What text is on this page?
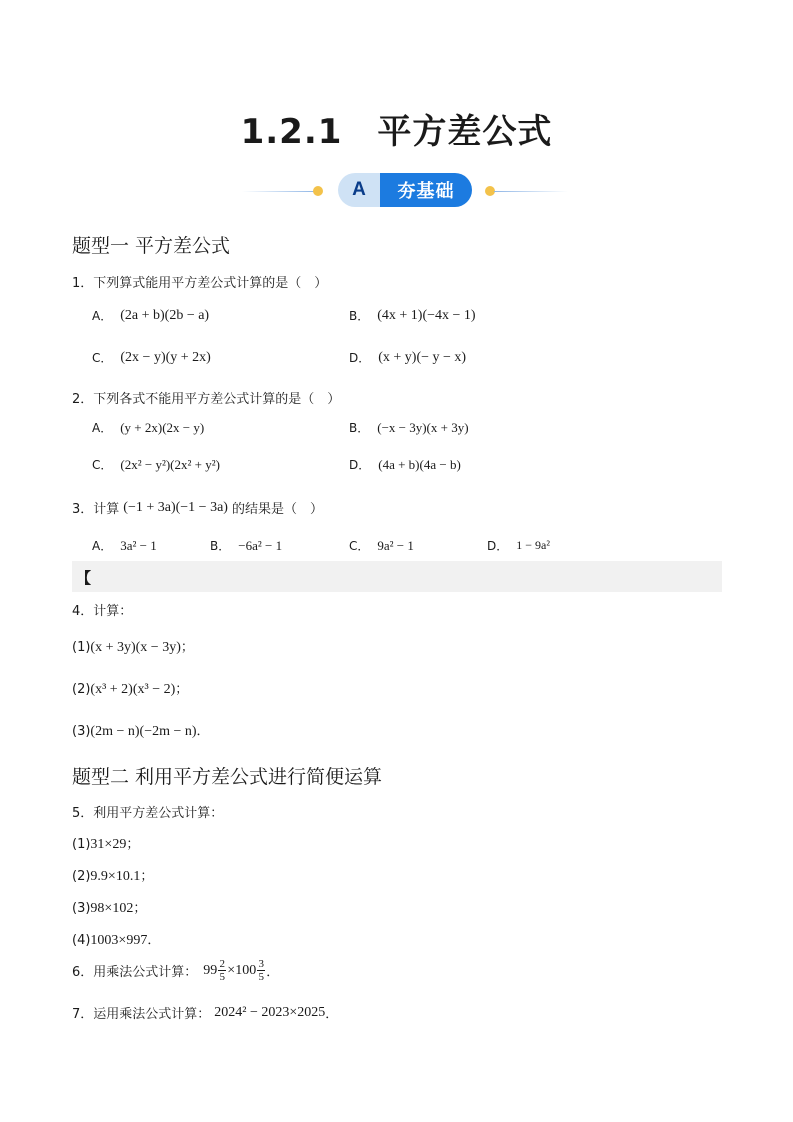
1.2.1　平方差公式
A	夯基础
题型一 平方差公式
1．下列算式能用平方差公式计算的是（　）
A． (2a + b)(2b − a)	B． (4x + 1)(−4x − 1)
C． (2x − y)(y + 2x)	D． (x + y)(− y − x)
2．下列各式不能用平方差公式计算的是（　）
A． (y + 2x)(2x − y)	B． (−x − 3y)(x + 3y)
C． (2x² − y²)(2x² + y²)	D． (4a + b)(4a − b)
3．计算 (−1 + 3a)(−1 − 3a) 的结果是（　）
A． 3a² − 1	B． −6a² − 1	C． 9a² − 1	D． 1 − 9a²
【
4．计算：
(1)(x + 3y)(x − 3y)；
(2)(x³ + 2)(x³ − 2)；
(3)(2m − n)(−2m − n)．
题型二 利用平方差公式进行简便运算
5．利用平方差公式计算：
(1)31×29；
(2)9.9×10.1；
(3)98×102；
(4)1003×997．
6．用乘法公式计算： $99 \frac{2}{5} \times 100 \frac{3}{5}$ ．
7．运用乘法公式计算： 2024² − 2023×2025 ．
